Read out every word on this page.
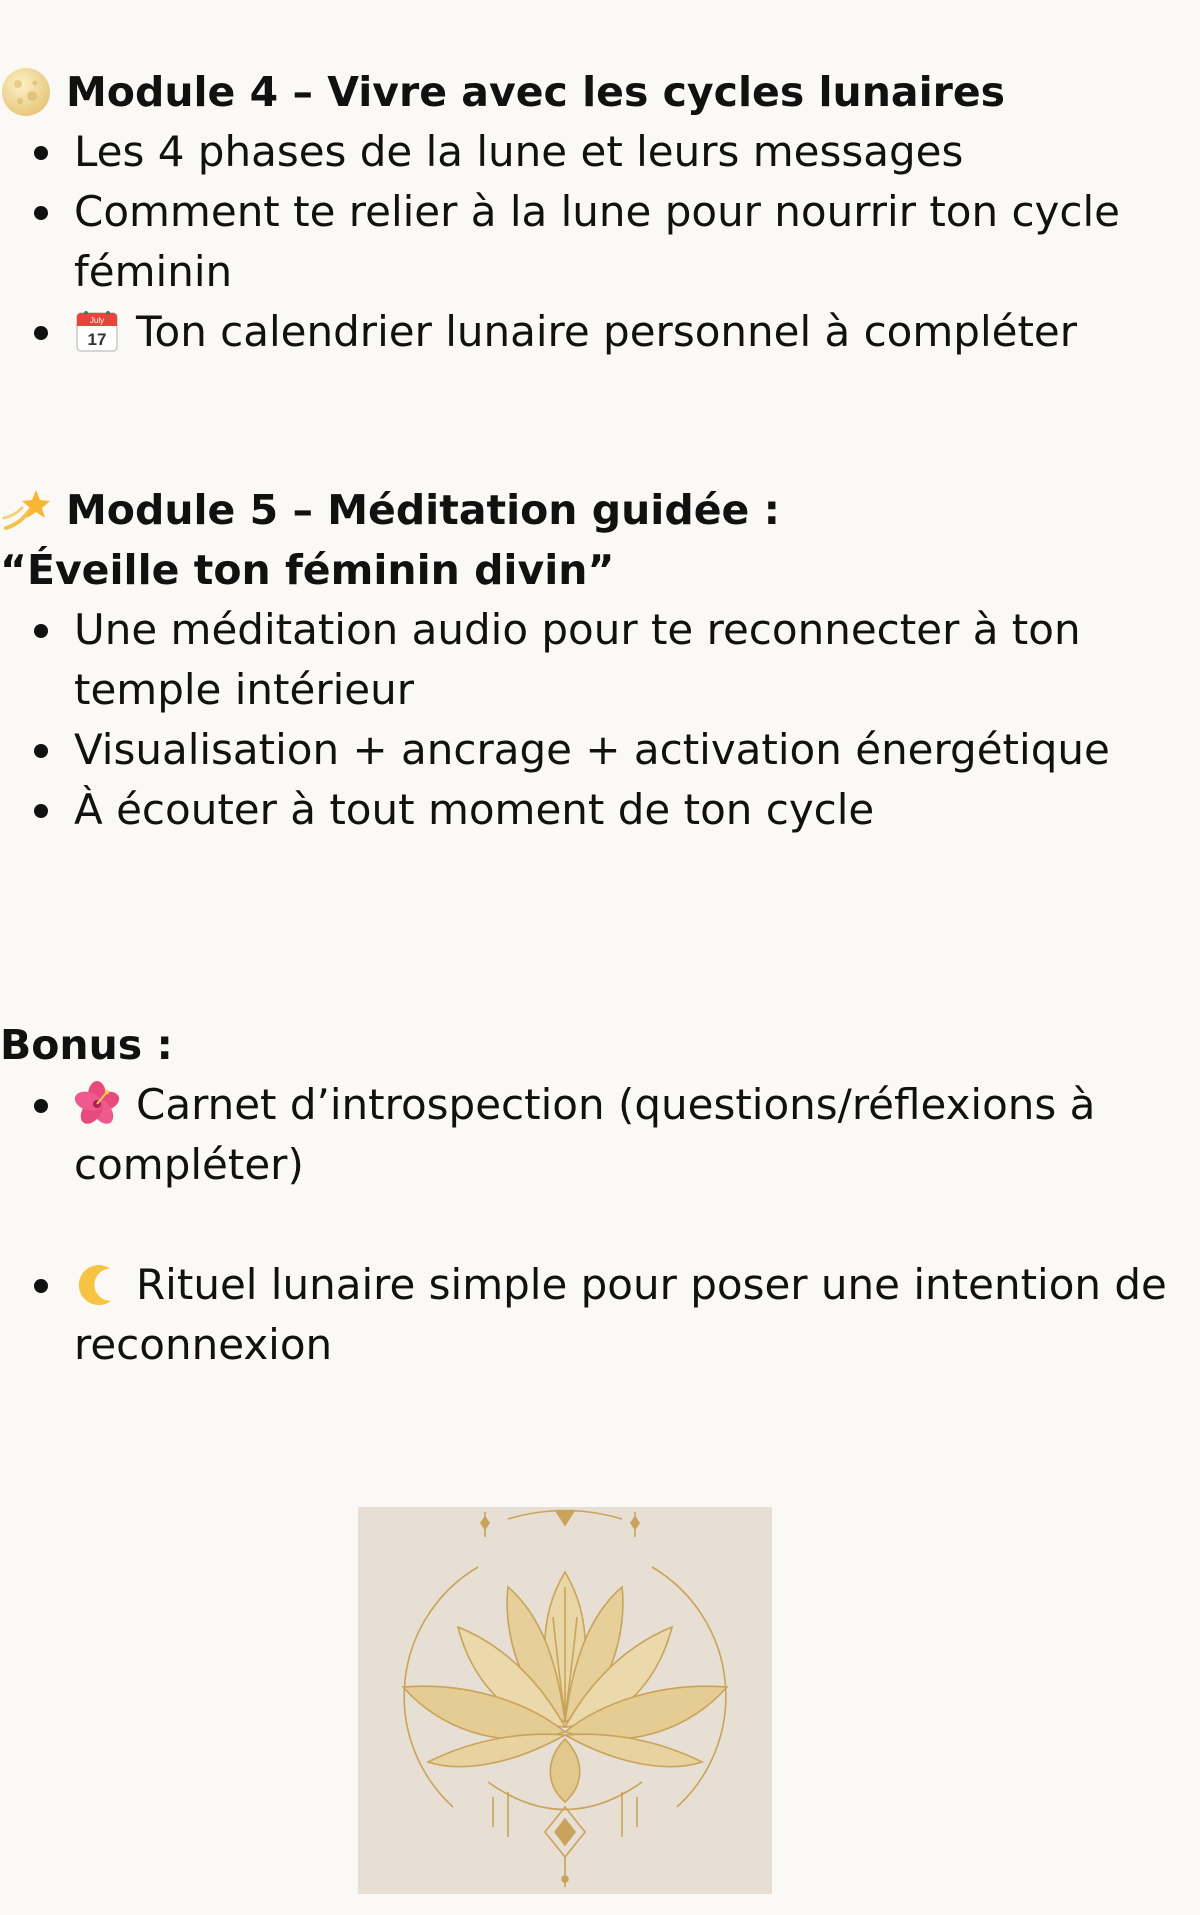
Module 4 – Vivre avec les cycles lunaires
Les 4 phases de la lune et leurs messages
Comment te relier à la lune pour nourrir ton cycle féminin
July
17 Ton calendrier lunaire personnel à compléter
Module 5 – Méditation guidée :

“Éveille ton féminin divin”

Une méditation audio pour te reconnecter à ton temple intérieur
Visualisation + ancrage + activation énergétique
À écouter à tout moment de ton cycle
Bonus :
Carnet d’introspection (questions/réflexions à compléter)
Rituel lunaire simple pour poser une intention de reconnexion
